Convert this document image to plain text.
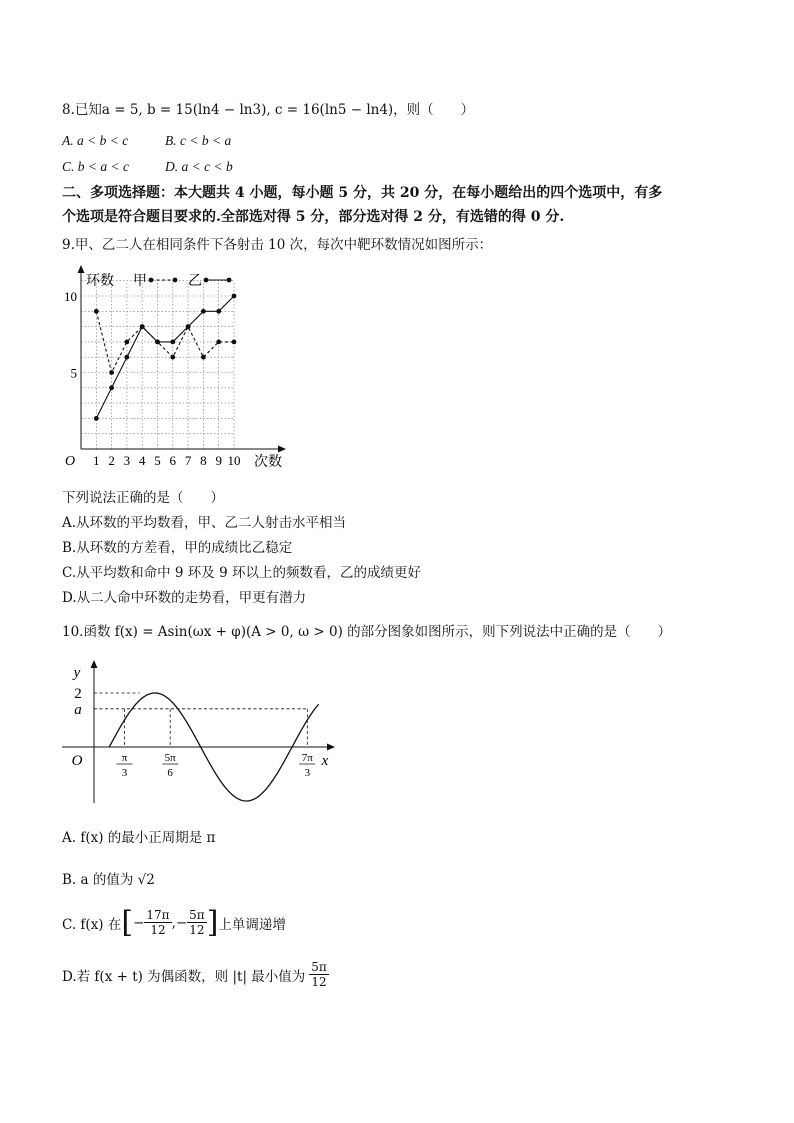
8.已知a = 5, b = 15(ln4 − ln3), c = 16(ln5 − ln4)，则（　　）
A. a < b < c	B. c < b < a
C. b < a < c	D. a < c < b
二、多项选择题：本大题共 4 小题，每小题 5 分，共 20 分，在每小题给出的四个选项中，有多
个选项是符合题目要求的.全部选对得 5 分，部分选对得 2 分，有选错的得 0 分.
9.甲、乙二人在相同条件下各射击 10 次，每次中靶环数情况如图所示：
O	次数
环数
1 2 3 4 5 6 7 8 9 10
5
10
甲	乙
下列说法正确的是（　　）
A.从环数的平均数看，甲、乙二人射击水平相当
B.从环数的方差看，甲的成绩比乙稳定
C.从平均数和命中 9 环及 9 环以上的频数看，乙的成绩更好
D.从二人命中环数的走势看，甲更有潜力
10.函数 f(x) = Asin(ωx + φ)(A > 0, ω > 0) 的部分图象如图所示，则下列说法中正确的是（　　）
O	x
y
2
a
π
3
5π
6
7π
3
A. f(x) 的最小正周期是 π
B. a 的值为 √2
C. f(x) 在 [ − $\frac{17\pi}{12}$ ,− $\frac{5\pi}{12}$ ] 上单调递增
D.若 f(x + t) 为偶函数，则 |t| 最小值为 $\frac{5\pi}{12}$
